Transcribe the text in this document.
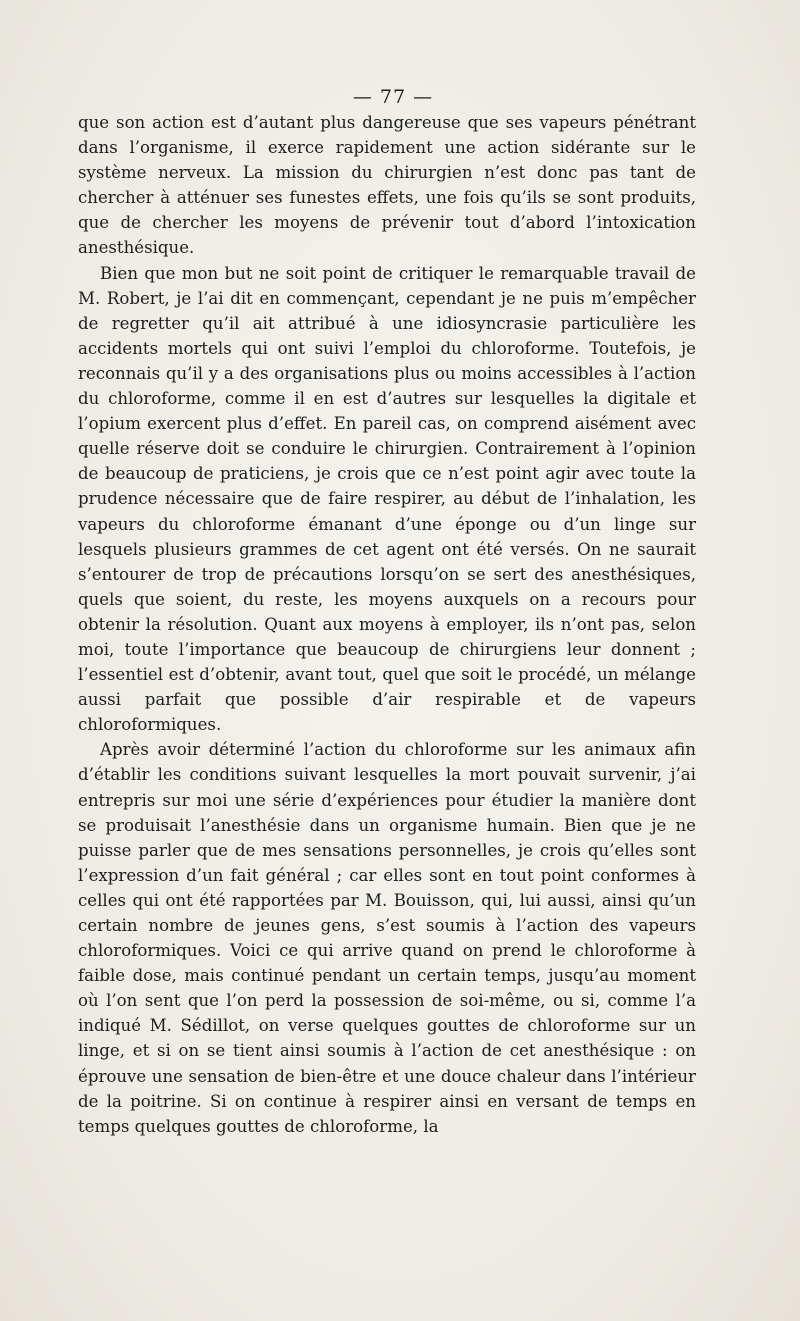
— 77 —

que son action est d’autant plus dangereuse que ses vapeurs pénétrant dans l’organisme, il exerce rapidement une action sidérante sur le système nerveux. La mission du chirurgien n’est donc pas tant de chercher à atténuer ses funestes effets, une fois qu’ils se sont produits, que de chercher les moyens de prévenir tout d’abord l’intoxication anesthésique.

Bien que mon but ne soit point de critiquer le remarquable travail de M. Robert, je l’ai dit en commençant, cependant je ne puis m’empêcher de regretter qu’il ait attribué à une idiosyncrasie particulière les accidents mortels qui ont suivi l’emploi du chloroforme. Toutefois, je reconnais qu’il y a des organisations plus ou moins accessibles à l’action du chloroforme, comme il en est d’autres sur lesquelles la digitale et l’opium exercent plus d’effet. En pareil cas, on comprend aisément avec quelle réserve doit se conduire le chirurgien. Contrairement à l’opinion de beaucoup de praticiens, je crois que ce n’est point agir avec toute la prudence nécessaire que de faire respirer, au début de l’inhalation, les vapeurs du chloroforme émanant d’une éponge ou d’un linge sur lesquels plusieurs grammes de cet agent ont été versés. On ne saurait s’entourer de trop de précautions lorsqu’on se sert des anesthésiques, quels que soient, du reste, les moyens auxquels on a recours pour obtenir la résolution. Quant aux moyens à employer, ils n’ont pas, selon moi, toute l’importance que beaucoup de chirurgiens leur donnent ; l’essentiel est d’obtenir, avant tout, quel que soit le procédé, un mélange aussi parfait que possible d’air respirable et de vapeurs chloroformiques.

Après avoir déterminé l’action du chloroforme sur les animaux afin d’établir les conditions suivant lesquelles la mort pouvait survenir, j’ai entrepris sur moi une série d’expériences pour étudier la manière dont se produisait l’anesthésie dans un organisme humain. Bien que je ne puisse parler que de mes sensations personnelles, je crois qu’elles sont l’expression d’un fait général ; car elles sont en tout point conformes à celles qui ont été rapportées par M. Bouisson, qui, lui aussi, ainsi qu’un certain nombre de jeunes gens, s’est soumis à l’action des vapeurs chloroformiques. Voici ce qui arrive quand on prend le chloroforme à faible dose, mais continué pendant un certain temps, jusqu’au moment où l’on sent que l’on perd la possession de soi-même, ou si, comme l’a indiqué M. Sédillot, on verse quelques gouttes de chloroforme sur un linge, et si on se tient ainsi soumis à l’action de cet anesthésique : on éprouve une sensation de bien-être et une douce chaleur dans l’intérieur de la poitrine. Si on continue à respirer ainsi en versant de temps en temps quelques gouttes de chloroforme, la
